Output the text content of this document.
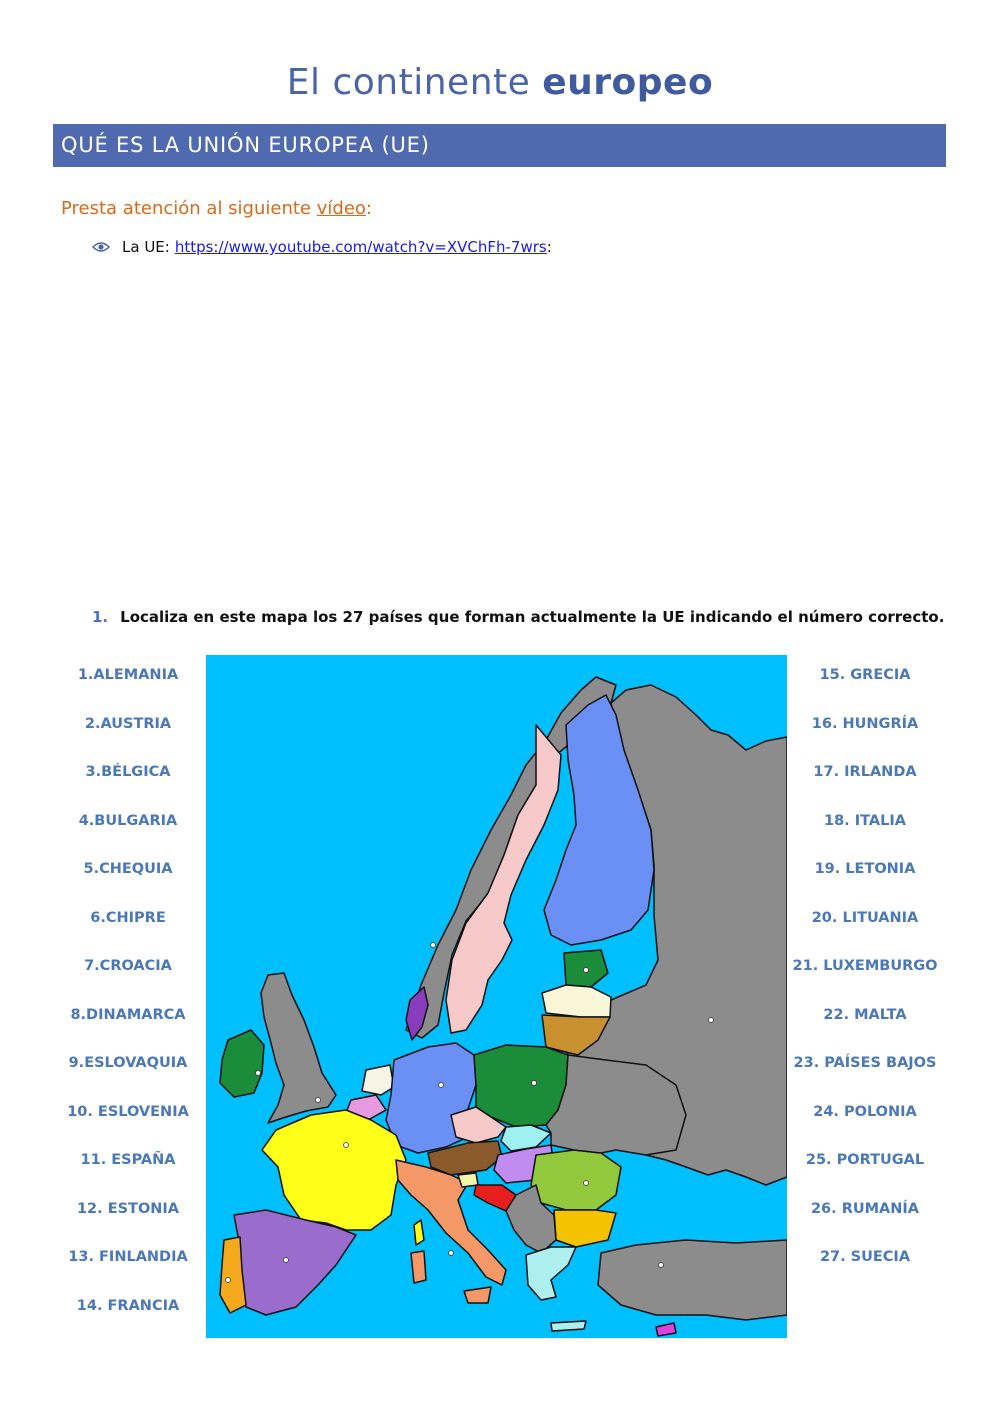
El continente europeo
QUÉ ES LA UNIÓN EUROPEA (UE)
Presta atención al siguiente vídeo:
La UE: https://www.youtube.com/watch?v=XVChFh-7wrs :
1. Localiza en este mapa los 27 países que forman actualmente la UE indicando el número correcto.
1.ALEMANIA
2.AUSTRIA
3.BÉLGICA
4.BULGARIA
5.CHEQUIA
6.CHIPRE
7.CROACIA
8.DINAMARCA
9.ESLOVAQUIA
10. ESLOVENIA
11. ESPAÑA
12. ESTONIA
13. FINLANDIA
14. FRANCIA
15. GRECIA
16. HUNGRÍA
17. IRLANDA
18. ITALIA
19. LETONIA
20. LITUANIA
21. LUXEMBURGO
22. MALTA
23. PAÍSES BAJOS
24. POLONIA
25. PORTUGAL
26. RUMANÍA
27. SUECIA
